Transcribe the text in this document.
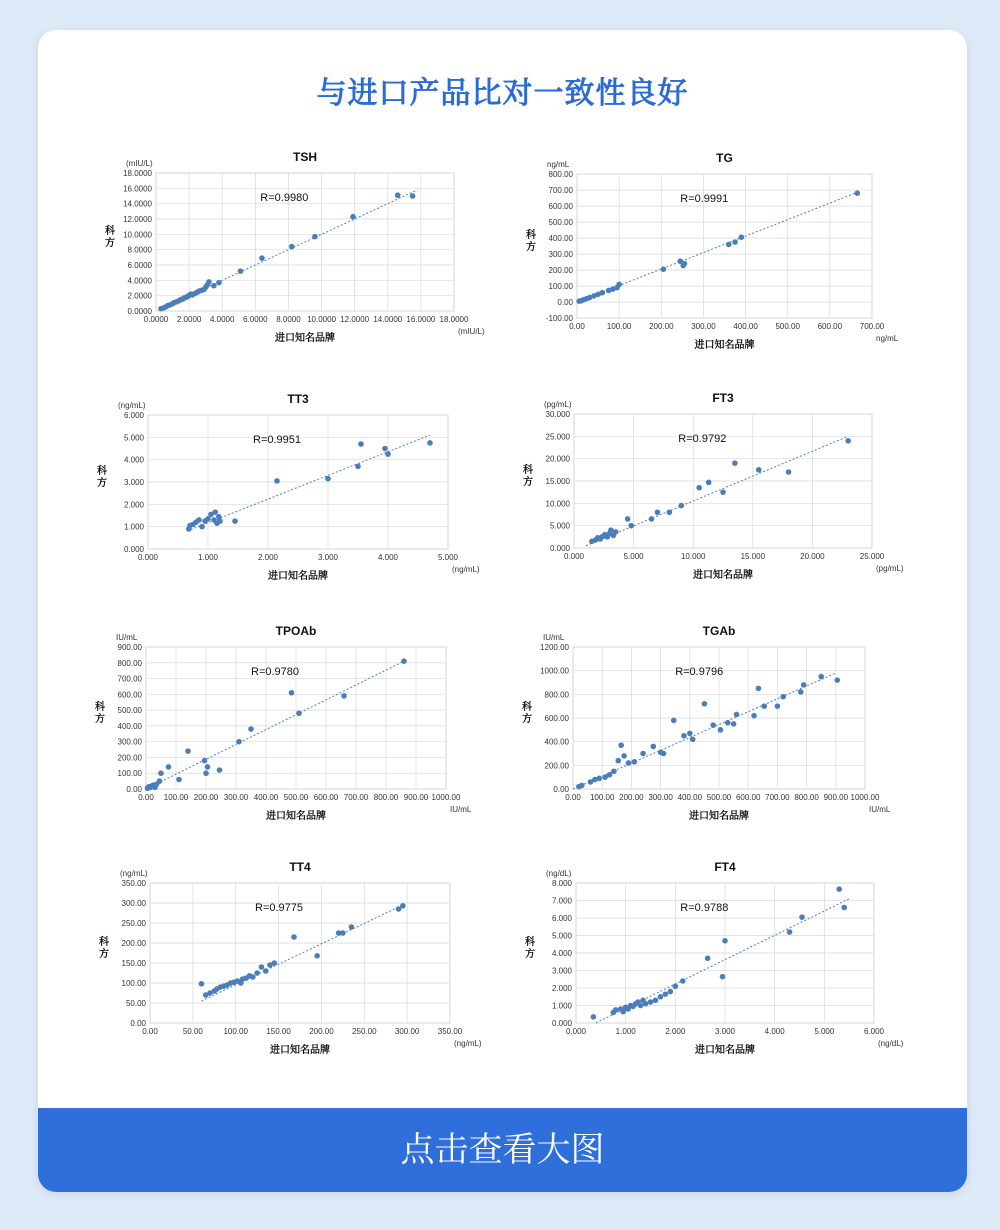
与进口产品比对一致性良好
0.0000 2.0000 4.0000 6.0000 8.0000 10.0000 12.0000 14.0000 16.0000 18.0000
0.0000
2.0000
4.0000
6.0000
8.0000
10.0000
12.0000
14.0000
16.0000
18.0000
TSH
(mIU/L)
(mIU/L)
进口知名品牌
科方
R=0.9980
0.00	100.00 200.00 300.00 400.00 500.00 600.00 700.00
-100.00
0.00
100.00
200.00
300.00
400.00
500.00
600.00
700.00
800.00
TG
ng/mL
ng/mL
进口知名品牌
科方
R=0.9991
0.000	1.000	2.000	3.000	4.000	5.000
0.000
1.000
2.000
3.000
4.000
5.000
6.000
TT3
(ng/mL)
(ng/mL)
进口知名品牌
科方
R=0.9951
0.000	5.000	10.000	15.000	20.000	25.000
0.000
5.000
10.000
15.000
20.000
25.000
30.000
FT3
(pg/mL)
(pg/mL)
进口知名品牌
科方
R=0.9792
0.00 100.00 200.00 300.00 400.00 500.00 600.00 700.00 800.00 900.00 1000.00
0.00
100.00
200.00
300.00
400.00
500.00
600.00
700.00
800.00
900.00
TPOAb
IU/mL
IU/mL
进口知名品牌
科方
R=0.9780
0.00 100.00 200.00 300.00 400.00 500.00 600.00 700.00 800.00 900.00 1000.00
0.00
200.00
400.00
600.00
800.00
1000.00
1200.00
TGAb
IU/mL
IU/mL
进口知名品牌
科方
R=0.9796
0.00	50.00	100.00 150.00 200.00 250.00 300.00 350.00
0.00
50.00
100.00
150.00
200.00
250.00
300.00
350.00
TT4
(ng/mL)
(ng/mL)
进口知名品牌
科方
R=0.9775
0.000	1.000	2.000	3.000	4.000	5.000	6.000
0.000
1.000
2.000
3.000
4.000
5.000
6.000
7.000
8.000
FT4
(ng/dL)
(ng/dL)
进口知名品牌
科方
R=0.9788
点击查看大图
